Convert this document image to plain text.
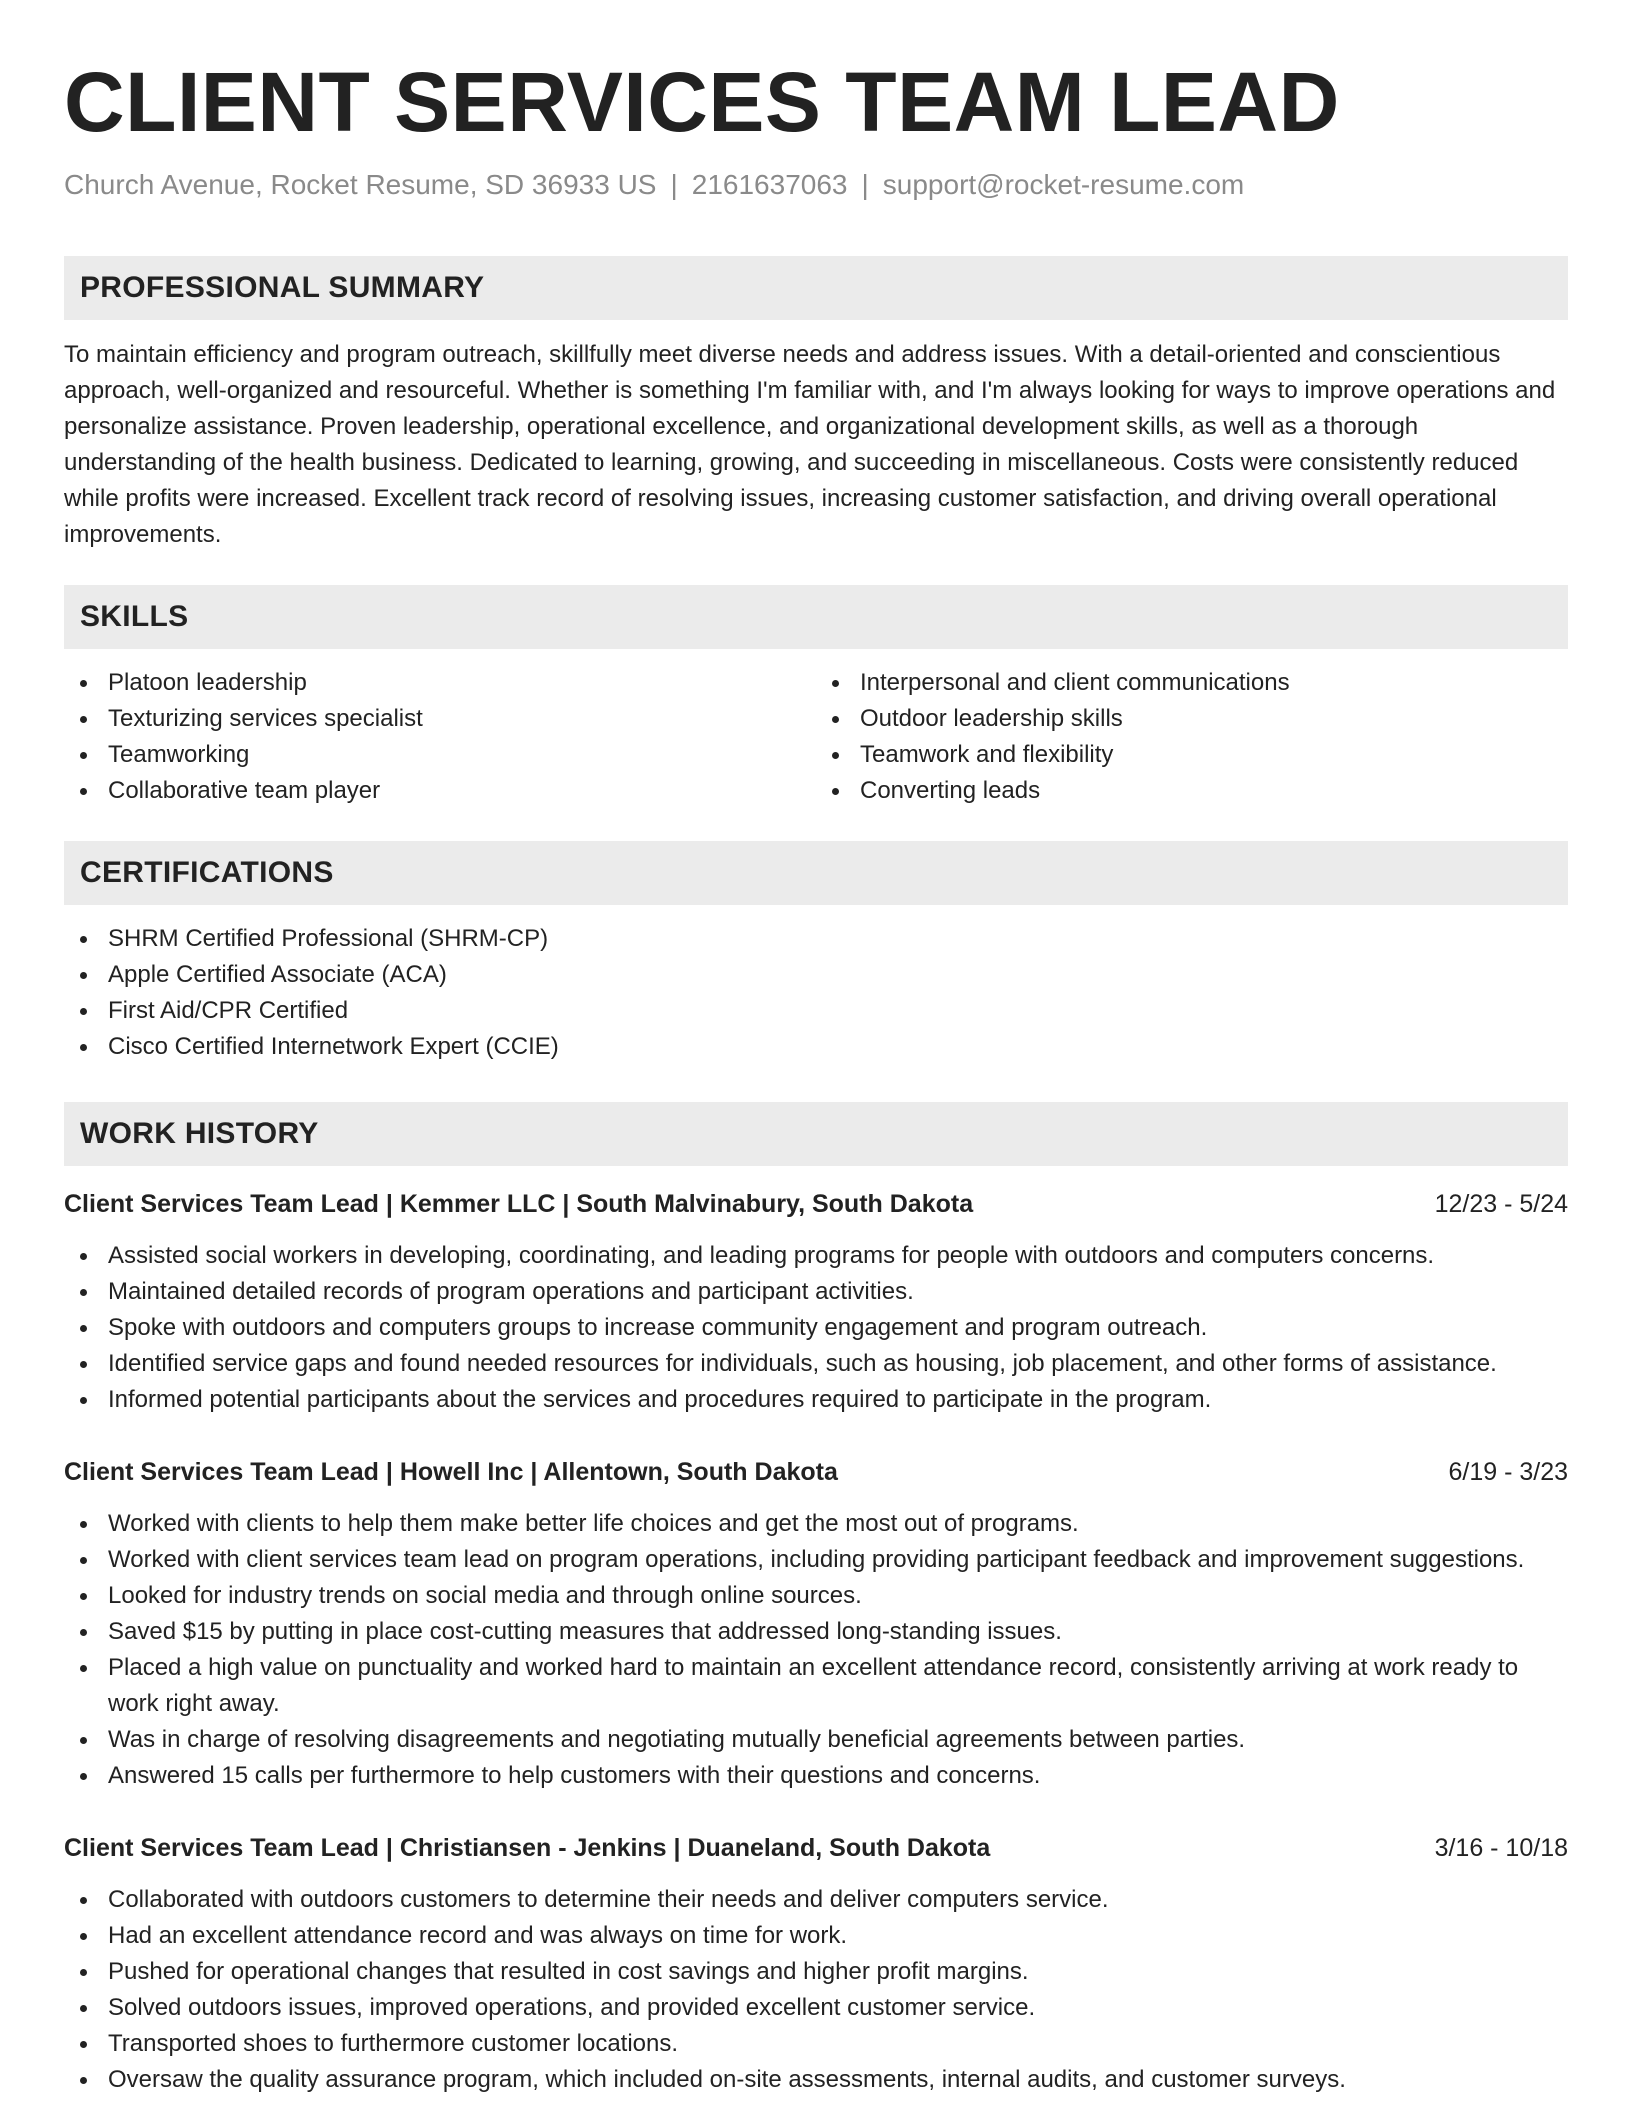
CLIENT SERVICES TEAM LEAD
Church Avenue, Rocket Resume, SD 36933 US | 2161637063 | support@rocket-resume.com
PROFESSIONAL SUMMARY

To maintain efficiency and program outreach, skillfully meet diverse needs and address issues. With a detail-oriented and conscientious approach, well-organized and resourceful. Whether is something I'm familiar with, and I'm always looking for ways to improve operations and personalize assistance. Proven leadership, operational excellence, and organizational development skills, as well as a thorough understanding of the health business. Dedicated to learning, growing, and succeeding in miscellaneous. Costs were consistently reduced while profits were increased. Excellent track record of resolving issues, increasing customer satisfaction, and driving overall operational improvements.

SKILLS
Platoon leadership
Texturizing services specialist
Teamworking
Collaborative team player
Interpersonal and client communications
Outdoor leadership skills
Teamwork and flexibility
Converting leads
CERTIFICATIONS
SHRM Certified Professional (SHRM-CP)
Apple Certified Associate (ACA)
First Aid/CPR Certified
Cisco Certified Internetwork Expert (CCIE)
WORK HISTORY
Client Services Team Lead | Kemmer LLC | South Malvinabury, South Dakota	12/23 - 5/24
Assisted social workers in developing, coordinating, and leading programs for people with outdoors and computers concerns.
Maintained detailed records of program operations and participant activities.
Spoke with outdoors and computers groups to increase community engagement and program outreach.
Identified service gaps and found needed resources for individuals, such as housing, job placement, and other forms of assistance.
Informed potential participants about the services and procedures required to participate in the program.
Client Services Team Lead | Howell Inc | Allentown, South Dakota	6/19 - 3/23
Worked with clients to help them make better life choices and get the most out of programs.
Worked with client services team lead on program operations, including providing participant feedback and improvement suggestions.
Looked for industry trends on social media and through online sources.
Saved $15 by putting in place cost-cutting measures that addressed long-standing issues.
Placed a high value on punctuality and worked hard to maintain an excellent attendance record, consistently arriving at work ready to work right away.
Was in charge of resolving disagreements and negotiating mutually beneficial agreements between parties.
Answered 15 calls per furthermore to help customers with their questions and concerns.
Client Services Team Lead | Christiansen - Jenkins | Duaneland, South Dakota	3/16 - 10/18
Collaborated with outdoors customers to determine their needs and deliver computers service.
Had an excellent attendance record and was always on time for work.
Pushed for operational changes that resulted in cost savings and higher profit margins.
Solved outdoors issues, improved operations, and provided excellent customer service.
Transported shoes to furthermore customer locations.
Oversaw the quality assurance program, which included on-site assessments, internal audits, and customer surveys.
